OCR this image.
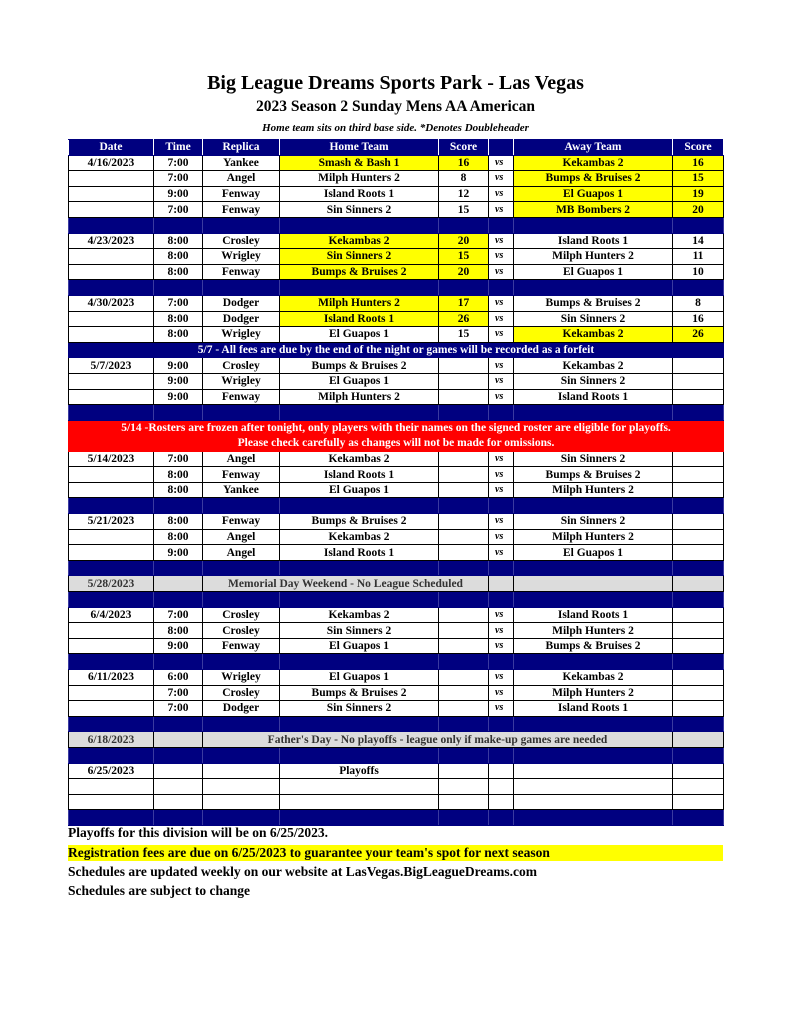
Big League Dreams Sports Park - Las Vegas
2023 Season 2 Sunday Mens AA American
Home team sits on third base side. *Denotes Doubleheader
Date	Time	Replica	Home Team	Score		Away Team	Score
4/16/2023	7:00	Yankee	Smash & Bash 1	16	vs	Kekambas 2	16
	7:00	Angel	Milph Hunters 2	8	vs	Bumps & Bruises 2	15
	9:00	Fenway	Island Roots 1	12	vs	El Guapos 1	19
	7:00	Fenway	Sin Sinners 2	15	vs	MB Bombers 2	20

4/23/2023	8:00	Crosley	Kekambas 2	20	vs	Island Roots 1	14
	8:00	Wrigley	Sin Sinners 2	15	vs	Milph Hunters 2	11
	8:00	Fenway	Bumps & Bruises 2	20	vs	El Guapos 1	10

4/30/2023	7:00	Dodger	Milph Hunters 2	17	vs	Bumps & Bruises 2	8
	8:00	Dodger	Island Roots 1	26	vs	Sin Sinners 2	16
	8:00	Wrigley	El Guapos 1	15	vs	Kekambas 2	26
5/7 - All fees are due by the end of the night or games will be recorded as a forfeit							
5/7/2023	9:00	Crosley	Bumps & Bruises 2		vs	Kekambas 2	
	9:00	Wrigley	El Guapos 1		vs	Sin Sinners 2	
	9:00	Fenway	Milph Hunters 2		vs	Island Roots 1	

5/14 -Rosters are frozen after tonight, only players with their names on the signed roster are eligible for playoffs.
Please check carefully as changes will not be made for omissions.							

5/14/2023	7:00	Angel	Kekambas 2		vs	Sin Sinners 2	
	8:00	Fenway	Island Roots 1		vs	Bumps & Bruises 2	
	8:00	Yankee	El Guapos 1		vs	Milph Hunters 2	

5/21/2023	8:00	Fenway	Bumps & Bruises 2		vs	Sin Sinners 2	
	8:00	Angel	Kekambas 2		vs	Milph Hunters 2	
	9:00	Angel	Island Roots 1		vs	El Guapos 1	

5/28/2023		Memorial Day Weekend - No League Scheduled					

6/4/2023	7:00	Crosley	Kekambas 2		vs	Island Roots 1	
	8:00	Crosley	Sin Sinners 2		vs	Milph Hunters 2	
	9:00	Fenway	El Guapos 1		vs	Bumps & Bruises 2	

6/11/2023	6:00	Wrigley	El Guapos 1		vs	Kekambas 2	
	7:00	Crosley	Bumps & Bruises 2		vs	Milph Hunters 2	
	7:00	Dodger	Sin Sinners 2		vs	Island Roots 1	

6/18/2023		Father's Day - No playoffs - league only if make-up games are needed					

6/25/2023			Playoffs				

Playoffs for this division will be on 6/25/2023.
Registration fees are due on 6/25/2023 to guarantee your team's spot for next season
Schedules are updated weekly on our website at LasVegas.BigLeagueDreams.com
Schedules are subject to change
